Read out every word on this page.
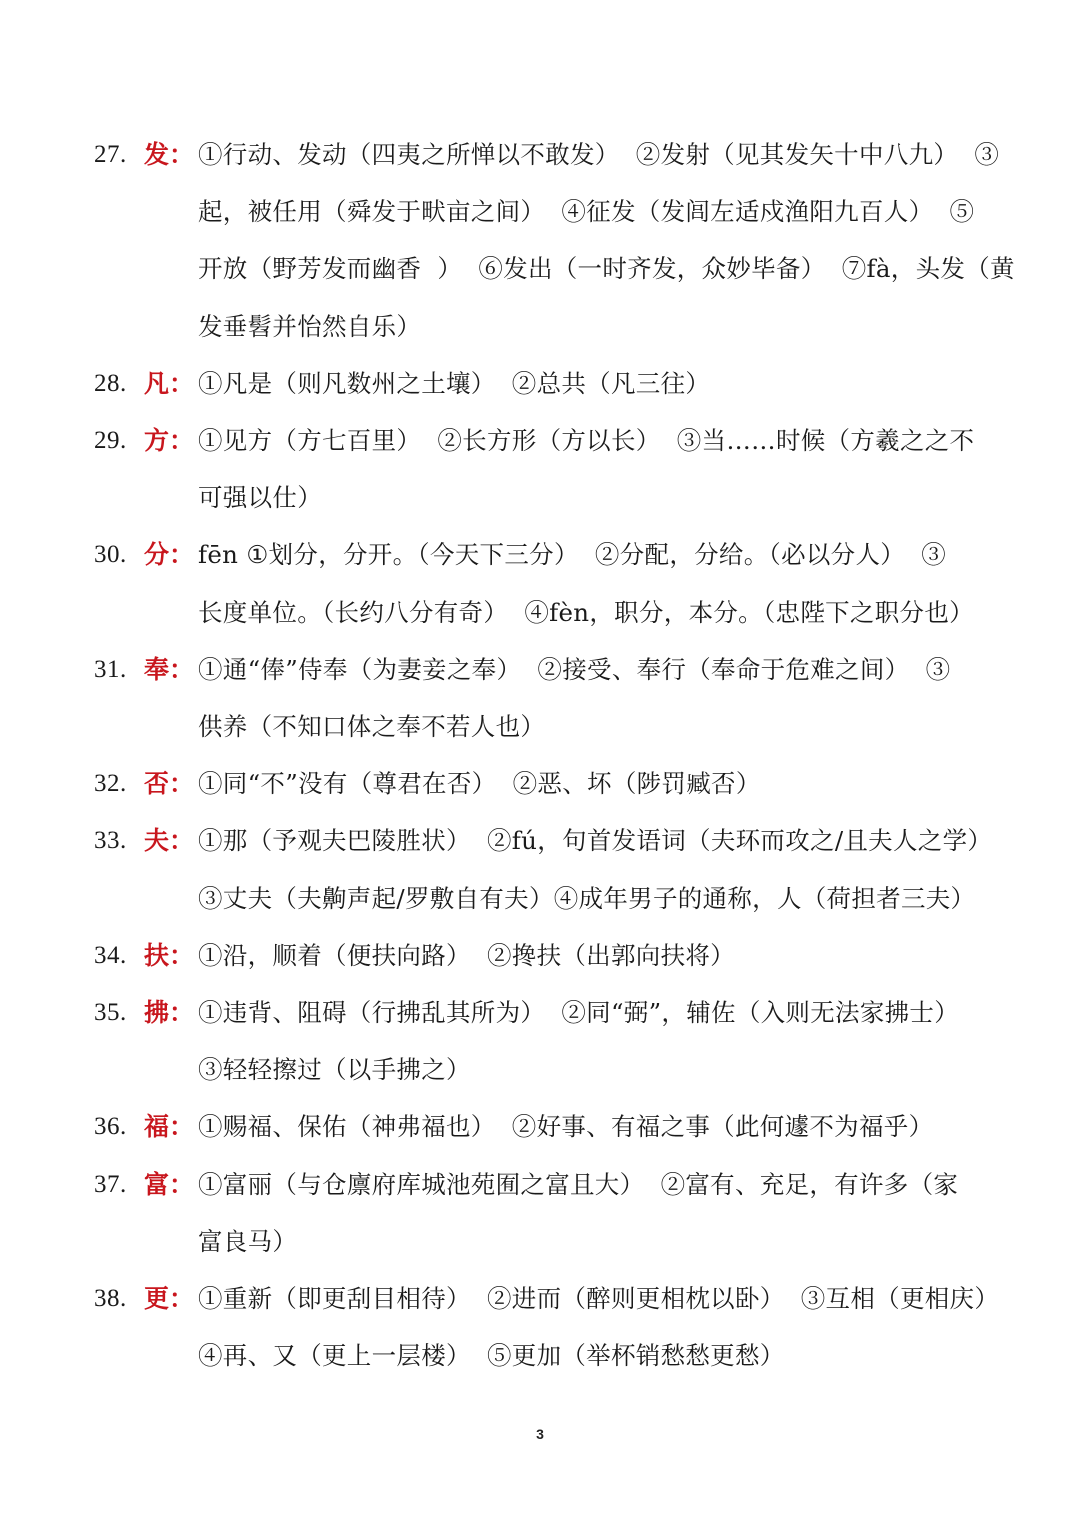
27. 发： ①行动、发动（四夷之所惮以不敢发）  ②发射（见其发矢十中八九）  ③
起，被任用（舜发于畎亩之间）  ④征发（发闾左适戍渔阳九百人）  ⑤
开放（野芳发而幽香  ）  ⑥发出（一时齐发，众妙毕备）  ⑦fà，头发（黄
发垂髫并怡然自乐）
28. 凡： ①凡是（则凡数州之土壤）  ②总共（凡三往）
29. 方： ①见方（方七百里）  ②长方形（方以长）  ③当……时候（方羲之之不
可强以仕）
30. 分： fēn ①划分，分开。（今天下三分）  ②分配，分给。（必以分人）  ③
长度单位。（长约八分有奇）  ④fèn，职分，本分。（忠陛下之职分也）
31. 奉： ①通“俸”侍奉（为妻妾之奉）  ②接受、奉行（奉命于危难之间）  ③
供养（不知口体之奉不若人也）
32. 否： ①同“不”没有（尊君在否）  ②恶、坏（陟罚臧否）
33. 夫： ①那（予观夫巴陵胜状）  ②fú，句首发语词（夫环而攻之/且夫人之学）
③丈夫（夫齁声起/罗敷自有夫）④成年男子的通称，人（荷担者三夫）
34. 扶： ①沿，顺着（便扶向路）  ②搀扶（出郭向扶将）
35. 拂： ①违背、阻碍（行拂乱其所为）  ②同“弼”，辅佐（入则无法家拂士）
③轻轻擦过（以手拂之）
36. 福： ①赐福、保佑（神弗福也）  ②好事、有福之事（此何遽不为福乎）
37. 富： ①富丽（与仓廪府库城池苑囿之富且大）  ②富有、充足，有许多（家
富良马）
38. 更： ①重新（即更刮目相待）  ②进而（醉则更相枕以卧）  ③互相（更相庆）
④再、又（更上一层楼）  ⑤更加（举杯销愁愁更愁）
3
